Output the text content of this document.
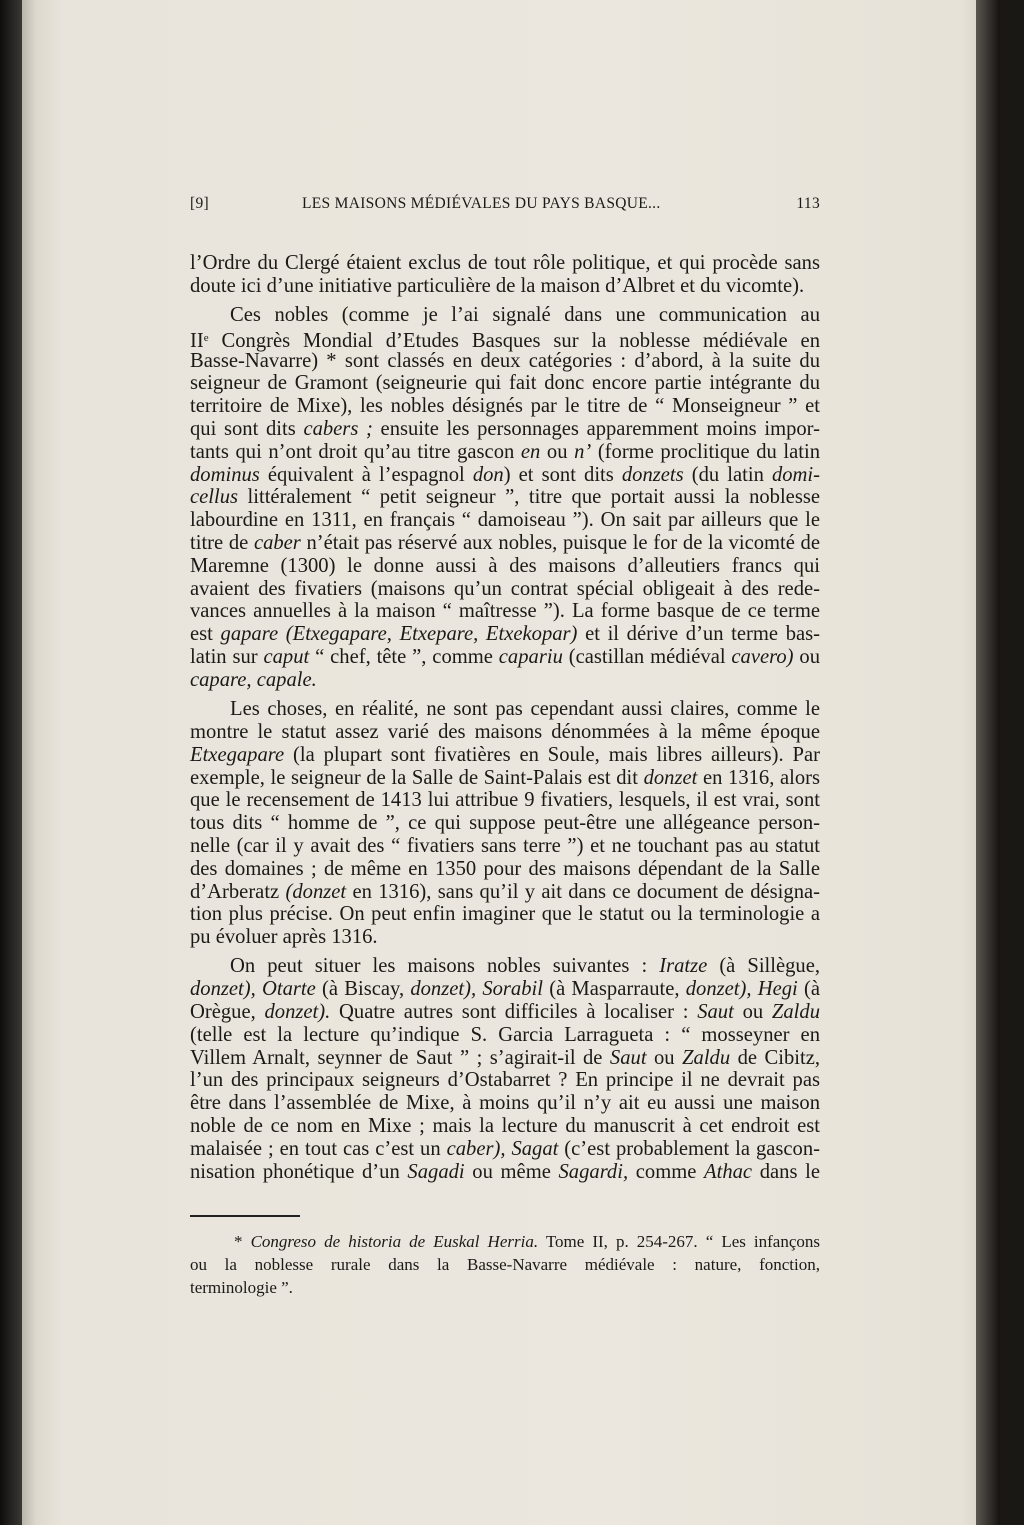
[9]	LES MAISONS MÉDIÉVALES DU PAYS BASQUE...	113
l’Ordre du Clergé étaient exclus de tout rôle politique, et qui procède sans
doute ici d’une initiative particulière de la maison d’Albret et du vicomte).
Ces nobles (comme je l’ai signalé dans une communication au
IIe Congrès Mondial d’Etudes Basques sur la noblesse médiévale en
Basse-Navarre) * sont classés en deux catégories : d’abord, à la suite du
seigneur de Gramont (seigneurie qui fait donc encore partie intégrante du
territoire de Mixe), les nobles désignés par le titre de “ Monseigneur ” et
qui sont dits cabers ; ensuite les personnages apparemment moins impor-
tants qui n’ont droit qu’au titre gascon en ou n’ (forme proclitique du latin
dominus équivalent à l’espagnol don) et sont dits donzets (du latin domi-
cellus littéralement “ petit seigneur ”, titre que portait aussi la noblesse
labourdine en 1311, en français “ damoiseau ”). On sait par ailleurs que le
titre de caber n’était pas réservé aux nobles, puisque le for de la vicomté de
Maremne (1300) le donne aussi à des maisons d’alleutiers francs qui
avaient des fivatiers (maisons qu’un contrat spécial obligeait à des rede-
vances annuelles à la maison “ maîtresse ”). La forme basque de ce terme
est gapare (Etxegapare, Etxepare, Etxekopar) et il dérive d’un terme bas-
latin sur caput “ chef, tête ”, comme capariu (castillan médiéval cavero) ou
capare, capale.
Les choses, en réalité, ne sont pas cependant aussi claires, comme le
montre le statut assez varié des maisons dénommées à la même époque
Etxegapare (la plupart sont fivatières en Soule, mais libres ailleurs). Par
exemple, le seigneur de la Salle de Saint-Palais est dit donzet en 1316, alors
que le recensement de 1413 lui attribue 9 fivatiers, lesquels, il est vrai, sont
tous dits “ homme de ”, ce qui suppose peut-être une allégeance person-
nelle (car il y avait des “ fivatiers sans terre ”) et ne touchant pas au statut
des domaines ; de même en 1350 pour des maisons dépendant de la Salle
d’Arberatz (donzet en 1316), sans qu’il y ait dans ce document de désigna-
tion plus précise. On peut enfin imaginer que le statut ou la terminologie a
pu évoluer après 1316.
On peut situer les maisons nobles suivantes : Iratze (à Sillègue,
donzet), Otarte (à Biscay, donzet), Sorabil (à Masparraute, donzet), Hegi (à
Orègue, donzet). Quatre autres sont difficiles à localiser : Saut ou Zaldu
(telle est la lecture qu’indique S. Garcia Larragueta : “ mosseyner en
Villem Arnalt, seynner de Saut ” ; s’agirait-il de Saut ou Zaldu de Cibitz,
l’un des principaux seigneurs d’Ostabarret ? En principe il ne devrait pas
être dans l’assemblée de Mixe, à moins qu’il n’y ait eu aussi une maison
noble de ce nom en Mixe ; mais la lecture du manuscrit à cet endroit est
malaisée ; en tout cas c’est un caber), Sagat (c’est probablement la gascon-
nisation phonétique d’un Sagadi ou même Sagardi, comme Athac dans le
* Congreso de historia de Euskal Herria. Tome II, p. 254-267. “ Les infançons
ou la noblesse rurale dans la Basse-Navarre médiévale : nature, fonction,
terminologie ”.
